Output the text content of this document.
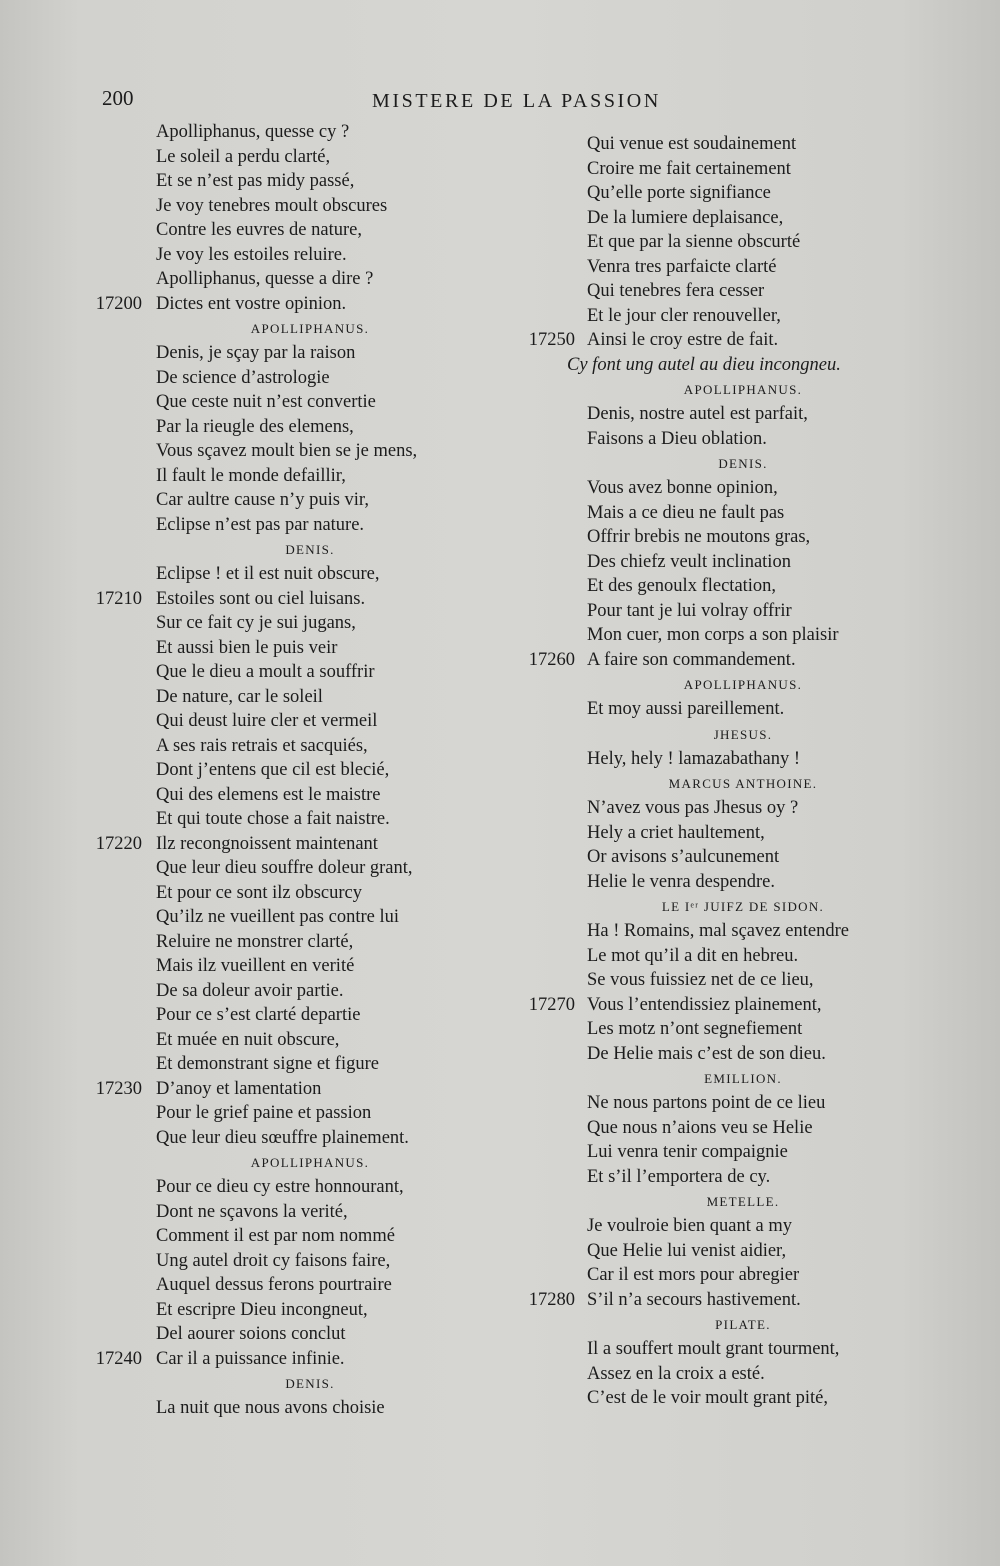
200	MISTERE DE LA PASSION
Apolliphanus, quesse cy ?
Le soleil a perdu clarté,
Et se n’est pas midy passé,
Je voy tenebres moult obscures
Contre les euvres de nature,
Je voy les estoiles reluire.
Apolliphanus, quesse a dire ?
17200 Dictes ent vostre opinion.
APOLLIPHANUS.
Denis, je sçay par la raison
De science d’astrologie
Que ceste nuit n’est convertie
Par la rieugle des elemens,
Vous sçavez moult bien se je mens,
Il fault le monde defaillir,
Car aultre cause n’y puis vir,
Eclipse n’est pas par nature.
DENIS.
Eclipse ! et il est nuit obscure,
17210 Estoiles sont ou ciel luisans.
Sur ce fait cy je sui jugans,
Et aussi bien le puis veir
Que le dieu a moult a souffrir
De nature, car le soleil
Qui deust luire cler et vermeil
A ses rais retrais et sacquiés,
Dont j’entens que cil est blecié,
Qui des elemens est le maistre
Et qui toute chose a fait naistre.
17220 Ilz recongnoissent maintenant
Que leur dieu souffre doleur grant,
Et pour ce sont ilz obscurcy
Qu’ilz ne vueillent pas contre lui
Reluire ne monstrer clarté,
Mais ilz vueillent en verité
De sa doleur avoir partie.
Pour ce s’est clarté departie
Et muée en nuit obscure,
Et demonstrant signe et figure
17230 D’anoy et lamentation
Pour le grief paine et passion
Que leur dieu sœuffre plainement.
APOLLIPHANUS.
Pour ce dieu cy estre honnourant,
Dont ne sçavons la verité,
Comment il est par nom nommé
Ung autel droit cy faisons faire,
Auquel dessus ferons pourtraire
Et escripre Dieu incongneut,
Del aourer soions conclut
17240 Car il a puissance infinie.
DENIS.
La nuit que nous avons choisie
Qui venue est soudainement
Croire me fait certainement
Qu’elle porte signifiance
De la lumiere deplaisance,
Et que par la sienne obscurté
Venra tres parfaicte clarté
Qui tenebres fera cesser
Et le jour cler renouveller,
17250 Ainsi le croy estre de fait.
Cy font ung autel au dieu incongneu.
APOLLIPHANUS.
Denis, nostre autel est parfait,
Faisons a Dieu oblation.
DENIS.
Vous avez bonne opinion,
Mais a ce dieu ne fault pas
Offrir brebis ne moutons gras,
Des chiefz veult inclination
Et des genoulx flectation,
Pour tant je lui volray offrir
Mon cuer, mon corps a son plaisir
17260 A faire son commandement.
APOLLIPHANUS.
Et moy aussi pareillement.
JHESUS.
Hely, hely ! lamazabathany !
MARCUS ANTHOINE.
N’avez vous pas Jhesus oy ?
Hely a criet haultement,
Or avisons s’aulcunement
Helie le venra despendre.
LE Iᵉʳ JUIFZ DE SIDON.
Ha ! Romains, mal sçavez entendre
Le mot qu’il a dit en hebreu.
Se vous fuissiez net de ce lieu,
17270 Vous l’entendissiez plainement,
Les motz n’ont segnefiement
De Helie mais c’est de son dieu.
EMILLION.
Ne nous partons point de ce lieu
Que nous n’aions veu se Helie
Lui venra tenir compaignie
Et s’il l’emportera de cy.
METELLE.
Je voulroie bien quant a my
Que Helie lui venist aidier,
Car il est mors pour abregier
17280 S’il n’a secours hastivement.
PILATE.
Il a souffert moult grant tourment,
Assez en la croix a esté.
C’est de le voir moult grant pité,
